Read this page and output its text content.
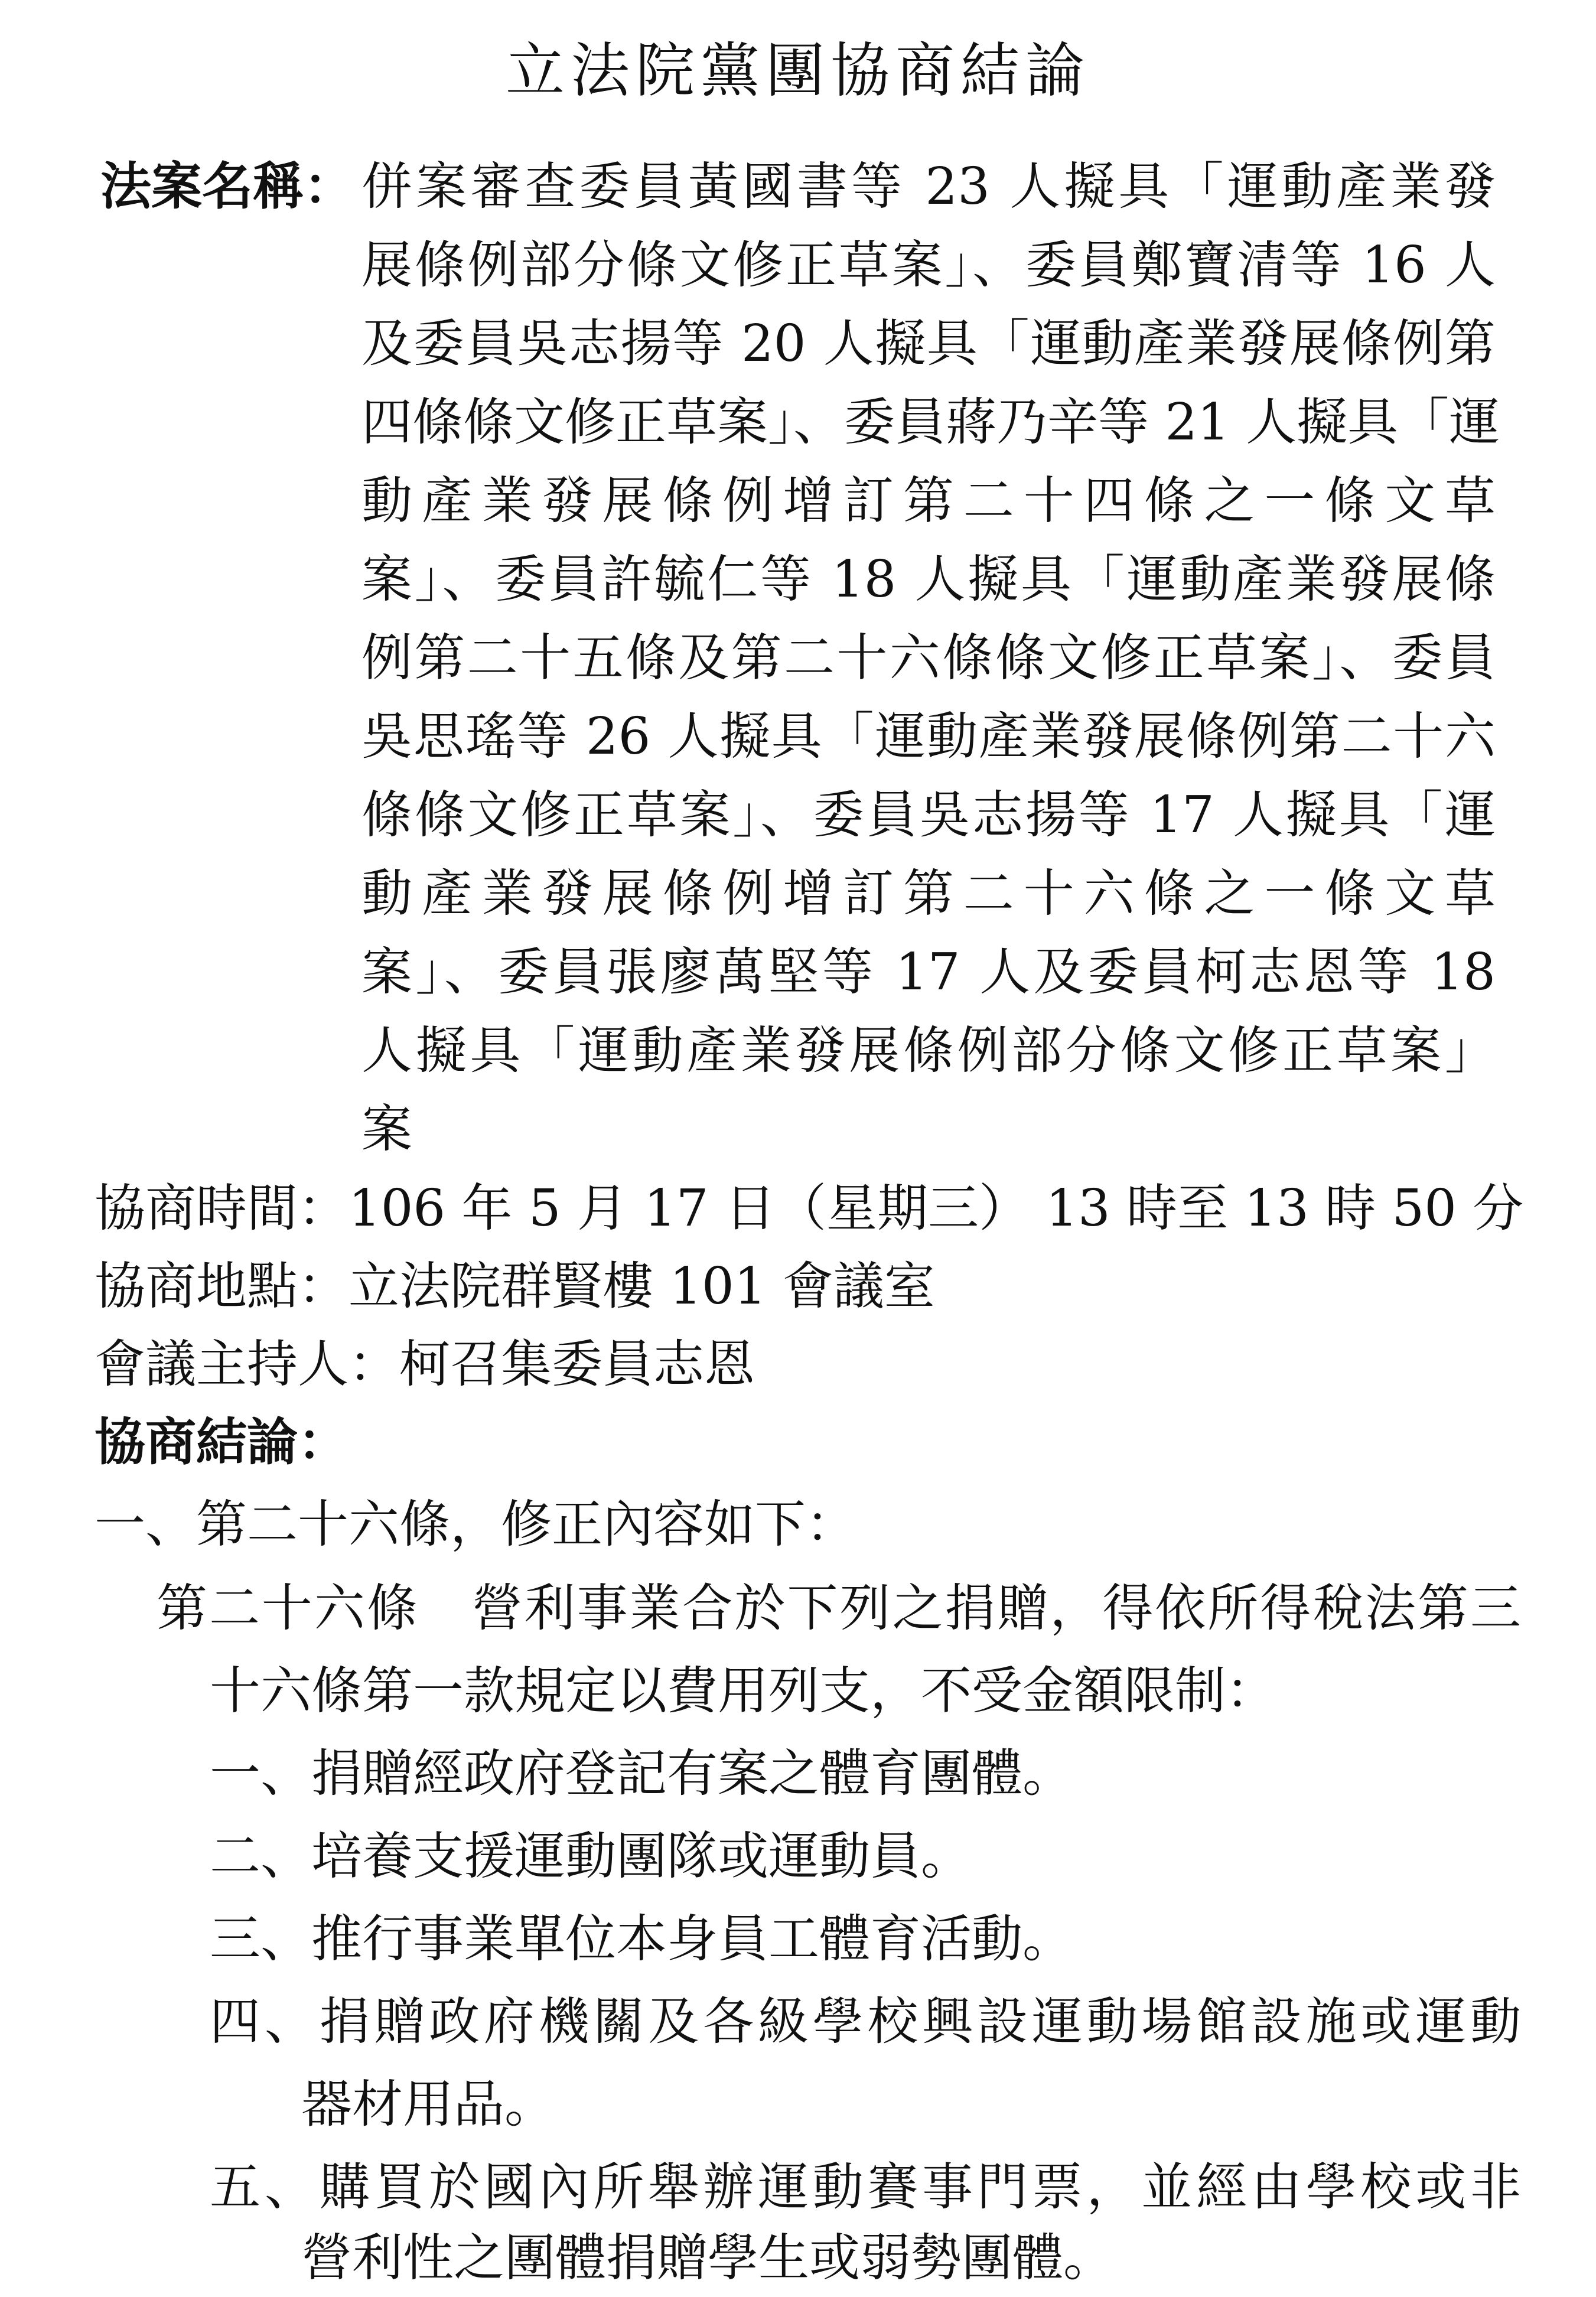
立法院黨團協商結論
法案名稱： 併案審查委員黃國書等 23 人擬具「運動產業發
展條例部分條文修正草案」、委員鄭寶清等 16 人
及委員吳志揚等 20 人擬具「運動產業發展條例第
四條條文修正草案」、委員蔣乃辛等 21 人擬具「運
動產業發展條例增訂第二十四條之一條文草
案」、委員許毓仁等 18 人擬具「運動產業發展條
例第二十五條及第二十六條條文修正草案」、委員
吳思瑤等 26 人擬具「運動產業發展條例第二十六
條條文修正草案」、委員吳志揚等 17 人擬具「運
動產業發展條例增訂第二十六條之一條文草
案」、委員張廖萬堅等 17 人及委員柯志恩等 18
人擬具「運動產業發展條例部分條文修正草案」
案
協商時間：106 年 5 月 17 日（星期三） 13 時至 13 時 50 分
協商地點：立法院群賢樓 101 會議室
會議主持人：柯召集委員志恩
協商結論：
一、第二十六條，修正內容如下：
第二十六條　營利事業合於下列之捐贈，得依所得稅法第三
十六條第一款規定以費用列支，不受金額限制：
一、捐贈經政府登記有案之體育團體。
二、培養支援運動團隊或運動員。
三、推行事業單位本身員工體育活動。
四、捐贈政府機關及各級學校興設運動場館設施或運動
器材用品。
五、購買於國內所舉辦運動賽事門票，並經由學校或非
營利性之團體捐贈學生或弱勢團體。
